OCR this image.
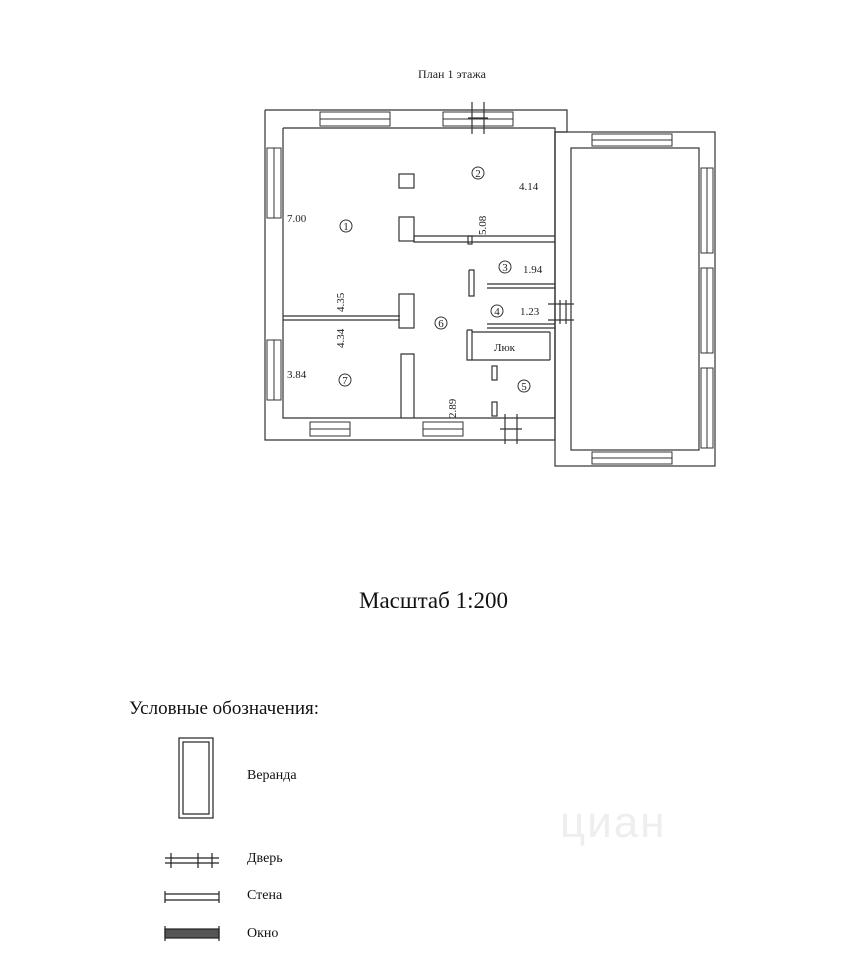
План 1 этажа
1
2
3
4
5
6
7
7.00
4.14
5.08
1.94
4.35
4.34
1.23
3.84
2.89
Люк
Масштаб 1:200
Условные обозначения:
Веранда
Дверь
Стена
Окно
циан
